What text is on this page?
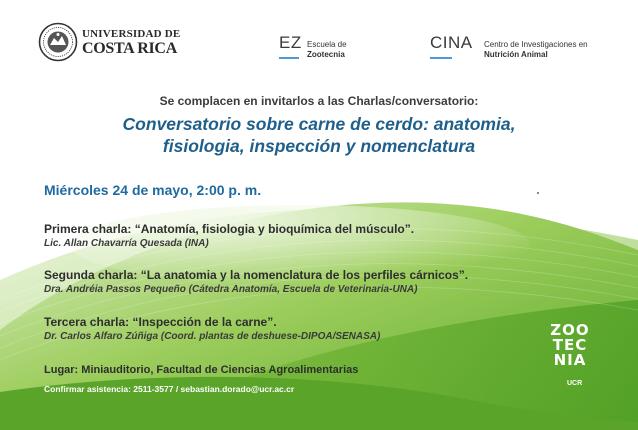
UNIVERSIDAD DE
COSTA RICA	EZ Escuela de
Zootecnia
CINA Centro de Investigaciones en
Nutrición Animal
Se complacen en invitarlos a las Charlas/conversatorio:
Conversatorio sobre carne de cerdo: anatomia,
fisiologia, inspección y nomenclatura
Miércoles 24 de mayo, 2:00 p. m.
Primera charla: “Anatomía, fisiologia y bioquímica del músculo”.
Lic. Allan Chavarría Quesada (INA)
Segunda charla: “La anatomia y la nomenclatura de los perfiles cárnicos”.
Dra. Andréia Passos Pequeño (Cátedra Anatomía, Escuela de Veterinaria-UNA)
Tercera charla: “Inspección de la carne”.
Dr. Carlos Alfaro Zúñiga (Coord. plantas de deshuese-DIPOA/SENASA)
Lugar: Miniauditorio, Facultad de Ciencias Agroalimentarias
Confirmar asistencia: 2511-3577 / sebastian.dorado@ucr.ac.cr
ZOO
TEC
NIA
UCR
